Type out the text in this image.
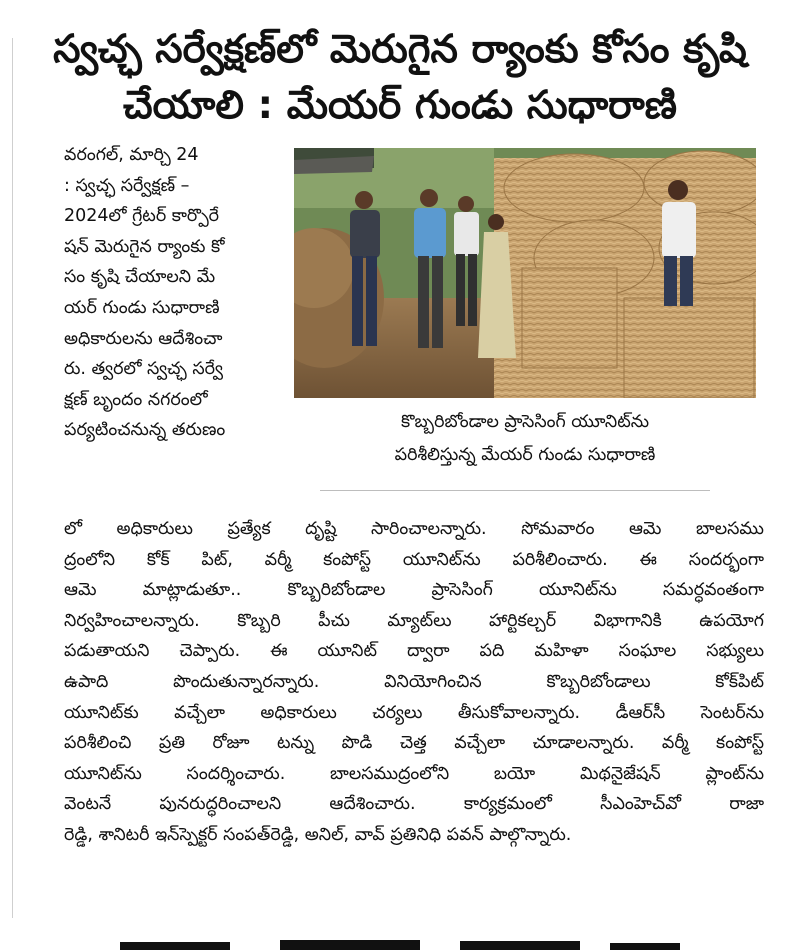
స్వచ్ఛ సర్వేక్షణ్‌లో మెరుగైన ర్యాంకు కోసం కృషి
చేయాలి : మేయర్ గుండు సుధారాణి
వరంగల్, మార్చి 24
: స్వచ్ఛ సర్వేక్షణ్ –
2024లో గ్రేటర్ కార్పొరే
షన్ మెరుగైన ర్యాంకు కో
సం కృషి చేయాలని మే
యర్ గుండు సుధారాణి
అధికారులను ఆదేశించా
రు. త్వరలో స్వచ్ఛ సర్వే
క్షణ్ బృందం నగరంలో
పర్యటించనున్న తరుణం	కొబ్బరిబోండాల ప్రాసెసింగ్ యూనిట్‌ను
పరిశీలిస్తున్న మేయర్ గుండు సుధారాణి
లో అధికారులు ప్రత్యేక దృష్టి సారించాలన్నారు. సోమవారం ఆమె బాలసము
ద్రంలోని కోక్ పిట్, వర్మీ కంపోస్ట్ యూనిట్‌ను పరిశీలించారు. ఈ సందర్భంగా
ఆమె మాట్లాడుతూ.. కొబ్బరిబోండాల ప్రాసెసింగ్ యూనిట్‌ను సమర్ధవంతంగా
నిర్వహించాలన్నారు. కొబ్బరి పీచు మ్యాట్‌లు హార్టికల్చర్ విభాగానికి ఉపయోగ
పడుతాయని చెప్పారు. ఈ యూనిట్ ద్వారా పది మహిళా సంఘాల సభ్యులు
ఉపాది పొందుతున్నారన్నారు. వినియోగించిన కొబ్బరిబోండాలు కోక్‌పిట్
యూనిట్‌కు వచ్చేలా అధికారులు చర్యలు తీసుకోవాలన్నారు. డీఆర్‌సీ సెంటర్‌ను
పరిశీలించి ప్రతి రోజూ టన్ను పొడి చెత్త వచ్చేలా చూడాలన్నారు. వర్మీ కంపోస్ట్
యూనిట్‌ను సందర్శించారు. బాలసముద్రంలోని బయో మిథనైజేషన్ ప్లాంట్‌ను
వెంటనే పునరుద్ధరించాలని ఆదేశించారు. కార్యక్రమంలో సీఎంహెచ్‌వో రాజా
రెడ్డి, శానిటరీ ఇన్‌స్పెక్టర్ సంపత్‌రెడ్డి, అనిల్, వావ్ ప్రతినిధి పవన్ పాల్గొన్నారు.
